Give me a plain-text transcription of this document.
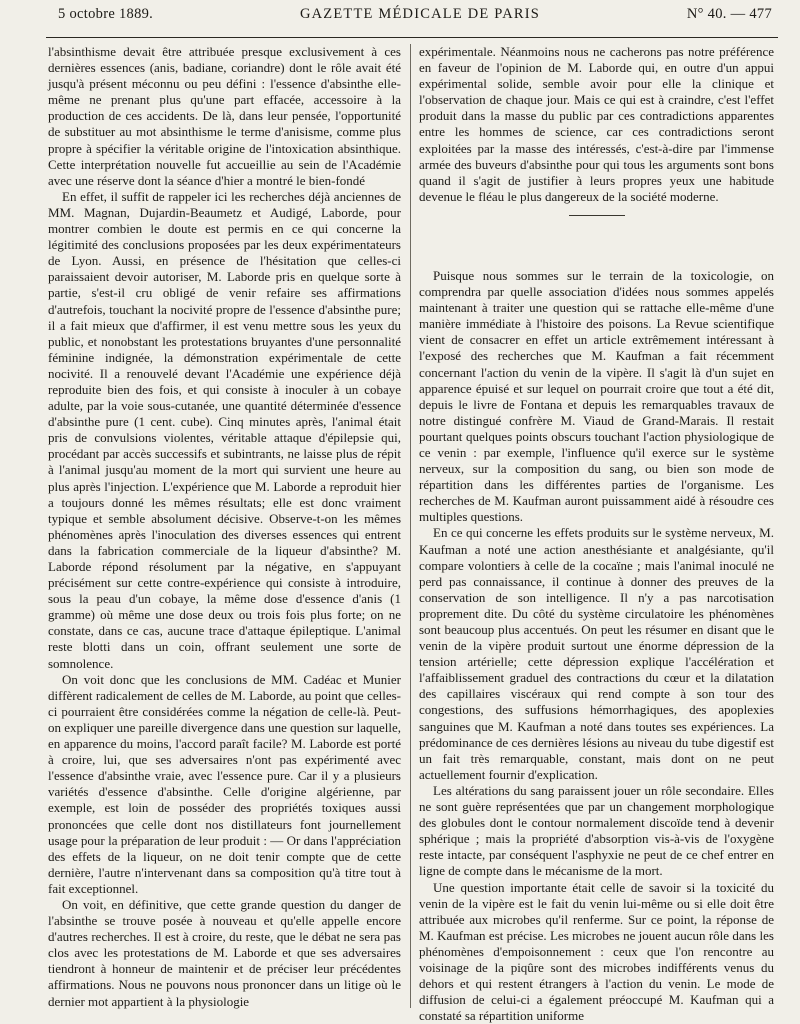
5 octobre 1889.	GAZETTE MÉDICALE DE PARIS	N° 40. — 477

l'absinthisme devait être attribuée presque exclusivement à ces dernières essences (anis, badiane, coriandre) dont le rôle avait été jusqu'à présent méconnu ou peu défini : l'essence d'absinthe elle-même ne prenant plus qu'une part effacée, accessoire à la production de ces accidents. De là, dans leur pensée, l'opportunité de substituer au mot absinthisme le terme d'anisisme, comme plus propre à spécifier la véritable origine de l'intoxication absinthique. Cette interprétation nouvelle fut accueillie au sein de l'Académie avec une réserve dont la séance d'hier a montré le bien-fondé

En effet, il suffit de rappeler ici les recherches déjà anciennes de MM. Magnan, Dujardin-Beaumetz et Audigé, Laborde, pour montrer combien le doute est permis en ce qui concerne la légitimité des conclusions proposées par les deux expérimentateurs de Lyon. Aussi, en présence de l'hésitation que celles-ci paraissaient devoir autoriser, M. Laborde pris en quelque sorte à partie, s'est-il cru obligé de venir refaire ses affirmations d'autrefois, touchant la nocivité propre de l'essence d'absinthe pure; il a fait mieux que d'affirmer, il est venu mettre sous les yeux du public, et nonobstant les protestations bruyantes d'une personnalité féminine indignée, la démonstration expérimentale de cette nocivité. Il a renouvelé devant l'Académie une expérience déjà reproduite bien des fois, et qui consiste à inoculer à un cobaye adulte, par la voie sous-cutanée, une quantité déterminée d'essence d'absinthe pure (1 cent. cube). Cinq minutes après, l'animal était pris de convulsions violentes, véritable attaque d'épilepsie qui, procédant par accès successifs et subintrants, ne laisse plus de répit à l'animal jusqu'au moment de la mort qui survient une heure au plus après l'injection. L'expérience que M. Laborde a reproduit hier a toujours donné les mêmes résultats; elle est donc vraiment typique et semble absolument décisive. Observe-t-on les mêmes phénomènes après l'inoculation des diverses essences qui entrent dans la fabrication commerciale de la liqueur d'absinthe? M. Laborde répond résolument par la négative, en s'appuyant précisément sur cette contre-expérience qui consiste à introduire, sous la peau d'un cobaye, la même dose d'essence d'anis (1 gramme) où même une dose deux ou trois fois plus forte; on ne constate, dans ce cas, aucune trace d'attaque épileptique. L'animal reste blotti dans un coin, offrant seulement une sorte de somnolence.

On voit donc que les conclusions de MM. Cadéac et Munier diffèrent radicalement de celles de M. Laborde, au point que celles-ci pourraient être considérées comme la négation de celle-là. Peut-on expliquer une pareille divergence dans une question sur laquelle, en apparence du moins, l'accord paraît facile? M. Laborde est porté à croire, lui, que ses adversaires n'ont pas expérimenté avec l'essence d'absinthe vraie, avec l'essence pure. Car il y a plusieurs variétés d'essence d'absinthe. Celle d'origine algérienne, par exemple, est loin de posséder des propriétés toxiques aussi prononcées que celle dont nos distillateurs font journellement usage pour la préparation de leur produit : — Or dans l'appréciation des effets de la liqueur, on ne doit tenir compte que de cette dernière, l'autre n'intervenant dans sa composition qu'à titre tout à fait exceptionnel.

On voit, en définitive, que cette grande question du danger de l'absinthe se trouve posée à nouveau et qu'elle appelle encore d'autres recherches. Il est à croire, du reste, que le débat ne sera pas clos avec les protestations de M. Laborde et que ses adversaires tiendront à honneur de maintenir et de préciser leur précédentes affirmations. Nous ne pouvons nous prononcer dans un litige où le dernier mot appartient à la physiologie

expérimentale. Néanmoins nous ne cacherons pas notre préférence en faveur de l'opinion de M. Laborde qui, en outre d'un appui expérimental solide, semble avoir pour elle la clinique et l'observation de chaque jour. Mais ce qui est à craindre, c'est l'effet produit dans la masse du public par ces contradictions apparentes entre les hommes de science, car ces contradictions seront exploitées par la masse des intéressés, c'est-à-dire par l'immense armée des buveurs d'absinthe pour qui tous les arguments sont bons quand il s'agit de justifier à leurs propres yeux une habitude devenue le fléau le plus dangereux de la société moderne.

Puisque nous sommes sur le terrain de la toxicologie, on comprendra par quelle association d'idées nous sommes appelés maintenant à traiter une question qui se rattache elle-même d'une manière immédiate à l'histoire des poisons. La Revue scientifique vient de consacrer en effet un article extrêmement intéressant à l'exposé des recherches que M. Kaufman a fait récemment concernant l'action du venin de la vipère. Il s'agit là d'un sujet en apparence épuisé et sur lequel on pourrait croire que tout a été dit, depuis le livre de Fontana et depuis les remarquables travaux de notre distingué confrère M. Viaud de Grand-Marais. Il restait pourtant quelques points obscurs touchant l'action physiologique de ce venin : par exemple, l'influence qu'il exerce sur le système nerveux, sur la composition du sang, ou bien son mode de répartition dans les différentes parties de l'organisme. Les recherches de M. Kaufman auront puissamment aidé à résoudre ces multiples questions.

En ce qui concerne les effets produits sur le système nerveux, M. Kaufman a noté une action anesthésiante et analgésiante, qu'il compare volontiers à celle de la cocaïne ; mais l'animal inoculé ne perd pas connaissance, il continue à donner des preuves de la conservation de son intelligence. Il n'y a pas narcotisation proprement dite. Du côté du système circulatoire les phénomènes sont beaucoup plus accentués. On peut les résumer en disant que le venin de la vipère produit surtout une énorme dépression de la tension artérielle; cette dépression explique l'accélération et l'affaiblissement graduel des contractions du cœur et la dilatation des capillaires viscéraux qui rend compte à son tour des congestions, des suffusions hémorrhagiques, des apoplexies sanguines que M. Kaufman a noté dans toutes ses expériences. La prédominance de ces dernières lésions au niveau du tube digestif est un fait très remarquable, constant, mais dont on ne peut actuellement fournir d'explication.

Les altérations du sang paraissent jouer un rôle secondaire. Elles ne sont guère représentées que par un changement morphologique des globules dont le contour normalement discoïde tend à devenir sphérique ; mais la propriété d'absorption vis-à-vis de l'oxygène reste intacte, par conséquent l'asphyxie ne peut de ce chef entrer en ligne de compte dans le mécanisme de la mort.

Une question importante était celle de savoir si la toxicité du venin de la vipère est le fait du venin lui-même ou si elle doit être attribuée aux microbes qu'il renferme. Sur ce point, la réponse de M. Kaufman est précise. Les microbes ne jouent aucun rôle dans les phénomènes d'empoisonnement : ceux que l'on rencontre au voisinage de la piqûre sont des microbes indifférents venus du dehors et qui restent étrangers à l'action du venin. Le mode de diffusion de celui-ci a également préoccupé M. Kaufman qui a constaté sa répartition uniforme
